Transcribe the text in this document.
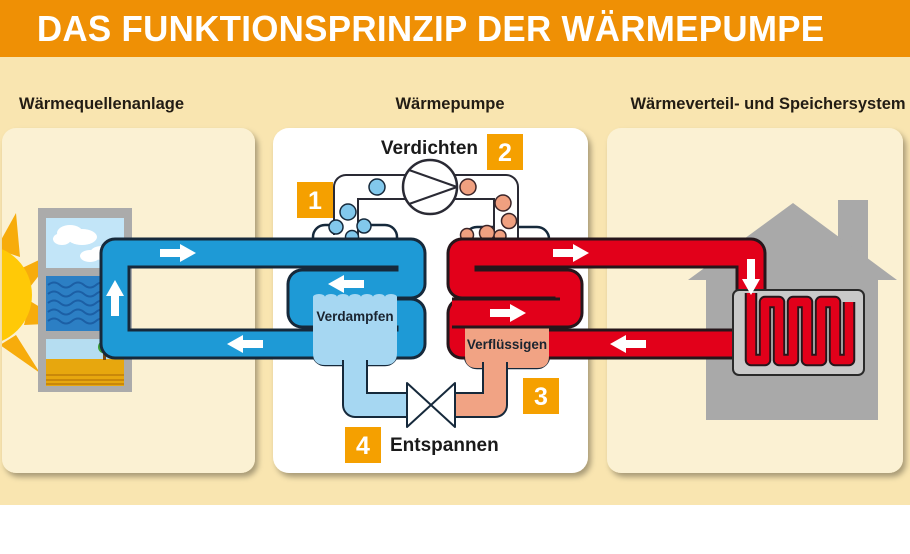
DAS FUNKTIONSPRINZIP DER WÄRMEPUMPE
Wärmequellenanlage	Wärmepumpe	Wärmeverteil- und Speichersystem
1
2
3
4
Verdichten
Entspannen
Verdampfen
Verflüssigen
